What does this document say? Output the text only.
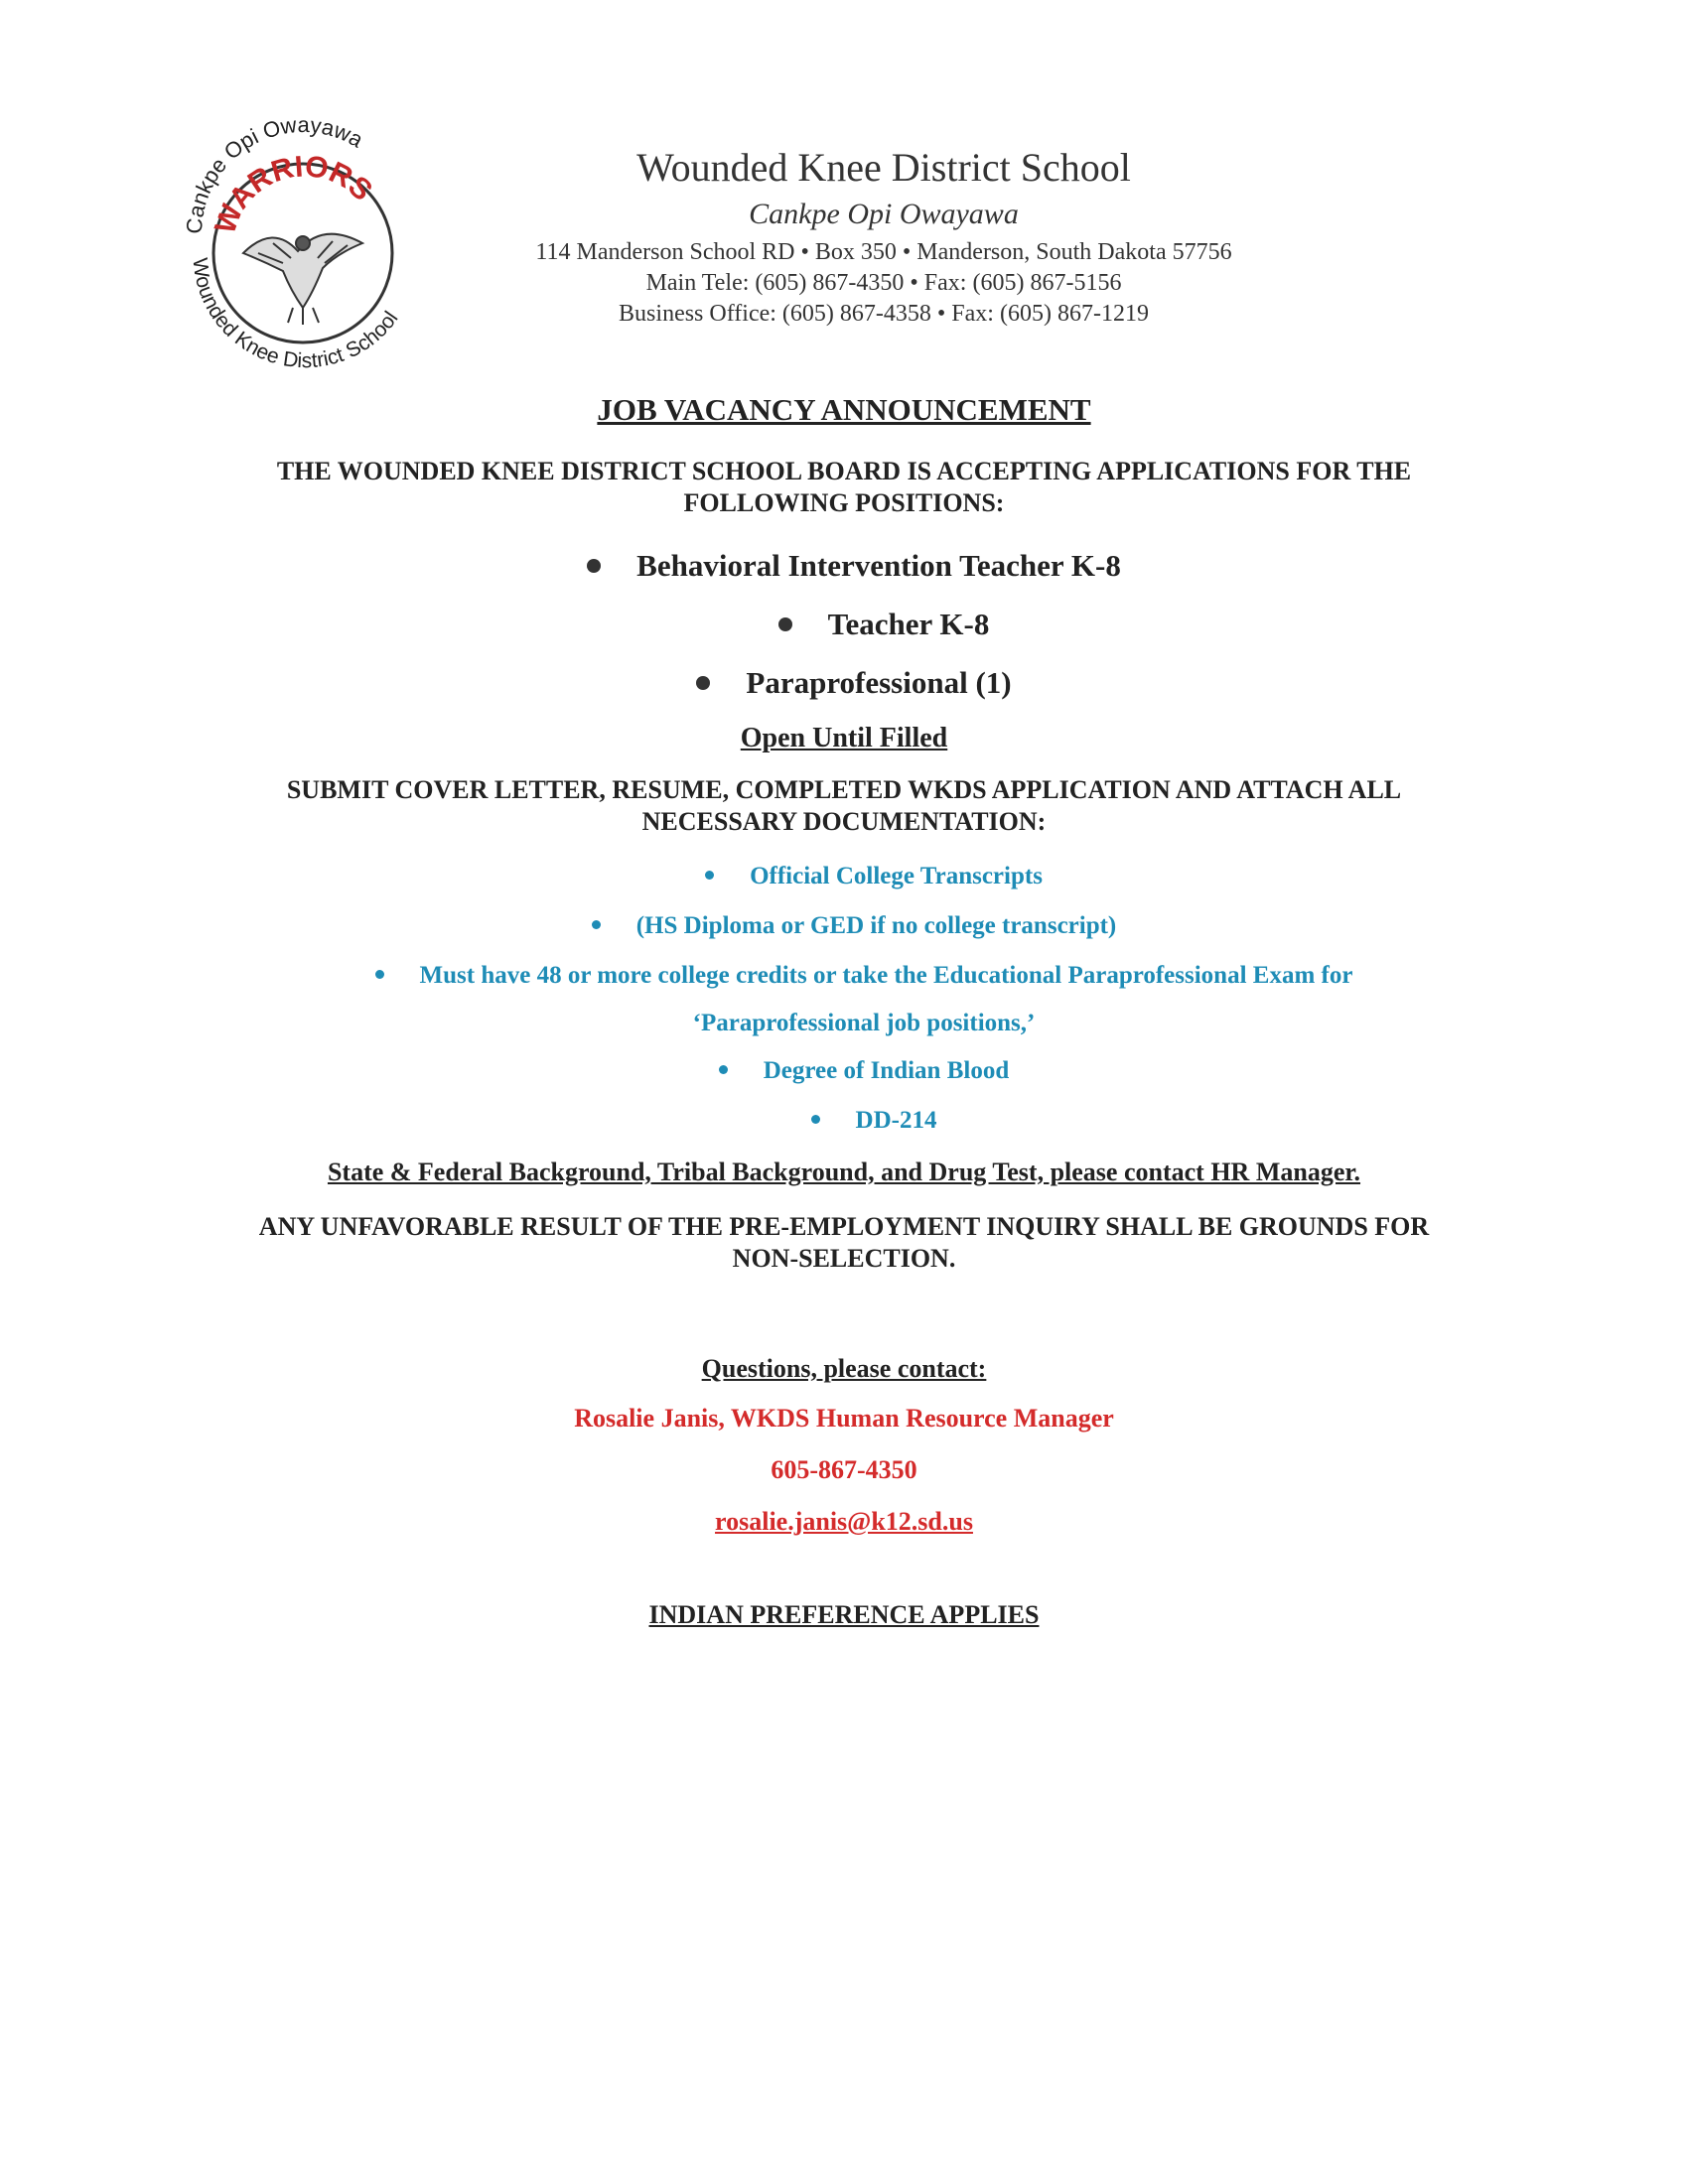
Cankpe Opi Owayawa
WARRIORS
Wounded Knee District School

Wounded Knee District School

Cankpe Opi Owayawa

114 Manderson School RD • Box 350 • Manderson, South Dakota 57756

Main Tele: (605) 867-4350 • Fax: (605) 867-5156

Business Office: (605) 867-4358 • Fax: (605) 867-1219

JOB VACANCY ANNOUNCEMENT

THE WOUNDED KNEE DISTRICT SCHOOL BOARD IS ACCEPTING APPLICATIONS FOR THE
FOLLOWING POSITIONS:

Behavioral Intervention Teacher K-8
Teacher K-8
Paraprofessional (1)

Open Until Filled

SUBMIT COVER LETTER, RESUME, COMPLETED WKDS APPLICATION AND ATTACH ALL
NECESSARY DOCUMENTATION:

Official College Transcripts
(HS Diploma or GED if no college transcript)
Must have 48 or more college credits or take the Educational Paraprofessional Exam for
‘Paraprofessional job positions,’
Degree of Indian Blood
DD-214

State & Federal Background, Tribal Background, and Drug Test, please contact HR Manager.

ANY UNFAVORABLE RESULT OF THE PRE-EMPLOYMENT INQUIRY SHALL BE GROUNDS FOR
NON-SELECTION.

Questions, please contact:

Rosalie Janis, WKDS Human Resource Manager

605-867-4350

rosalie.janis@k12.sd.us

INDIAN PREFERENCE APPLIES
